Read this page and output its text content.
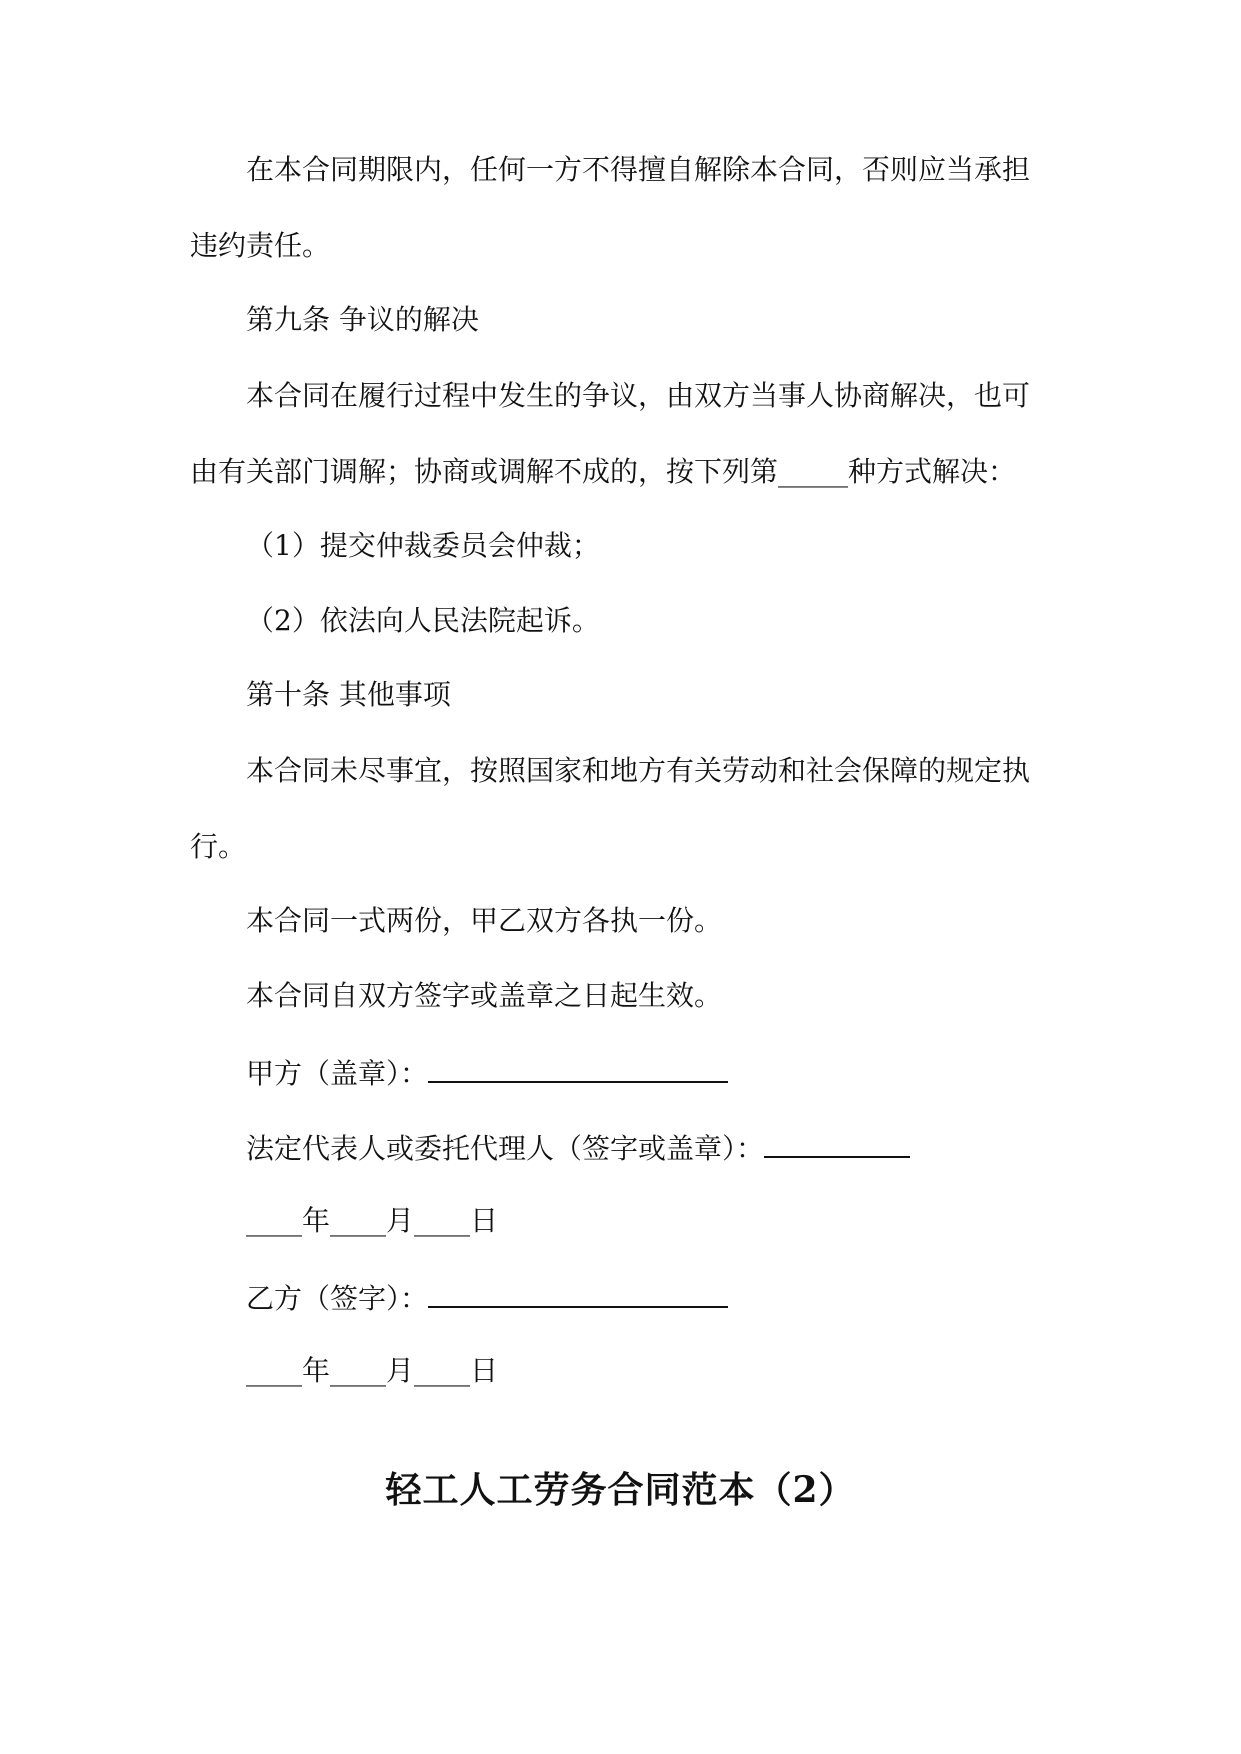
在本合同期限内，任何一方不得擅自解除本合同，否则应当承担
违约责任。
第九条 争议的解决
本合同在履行过程中发生的争议，由双方当事人协商解决，也可
由有关部门调解；协商或调解不成的，按下列第_____种方式解决：
（1）提交仲裁委员会仲裁；
（2）依法向人民法院起诉。
第十条 其他事项
本合同未尽事宜，按照国家和地方有关劳动和社会保障的规定执
行。
本合同一式两份，甲乙双方各执一份。
本合同自双方签字或盖章之日起生效。
甲方（盖章）：
法定代表人或委托代理人（签字或盖章）：
____年____月____日
乙方（签字）：
____年____月____日
轻工人工劳务合同范本（2）
